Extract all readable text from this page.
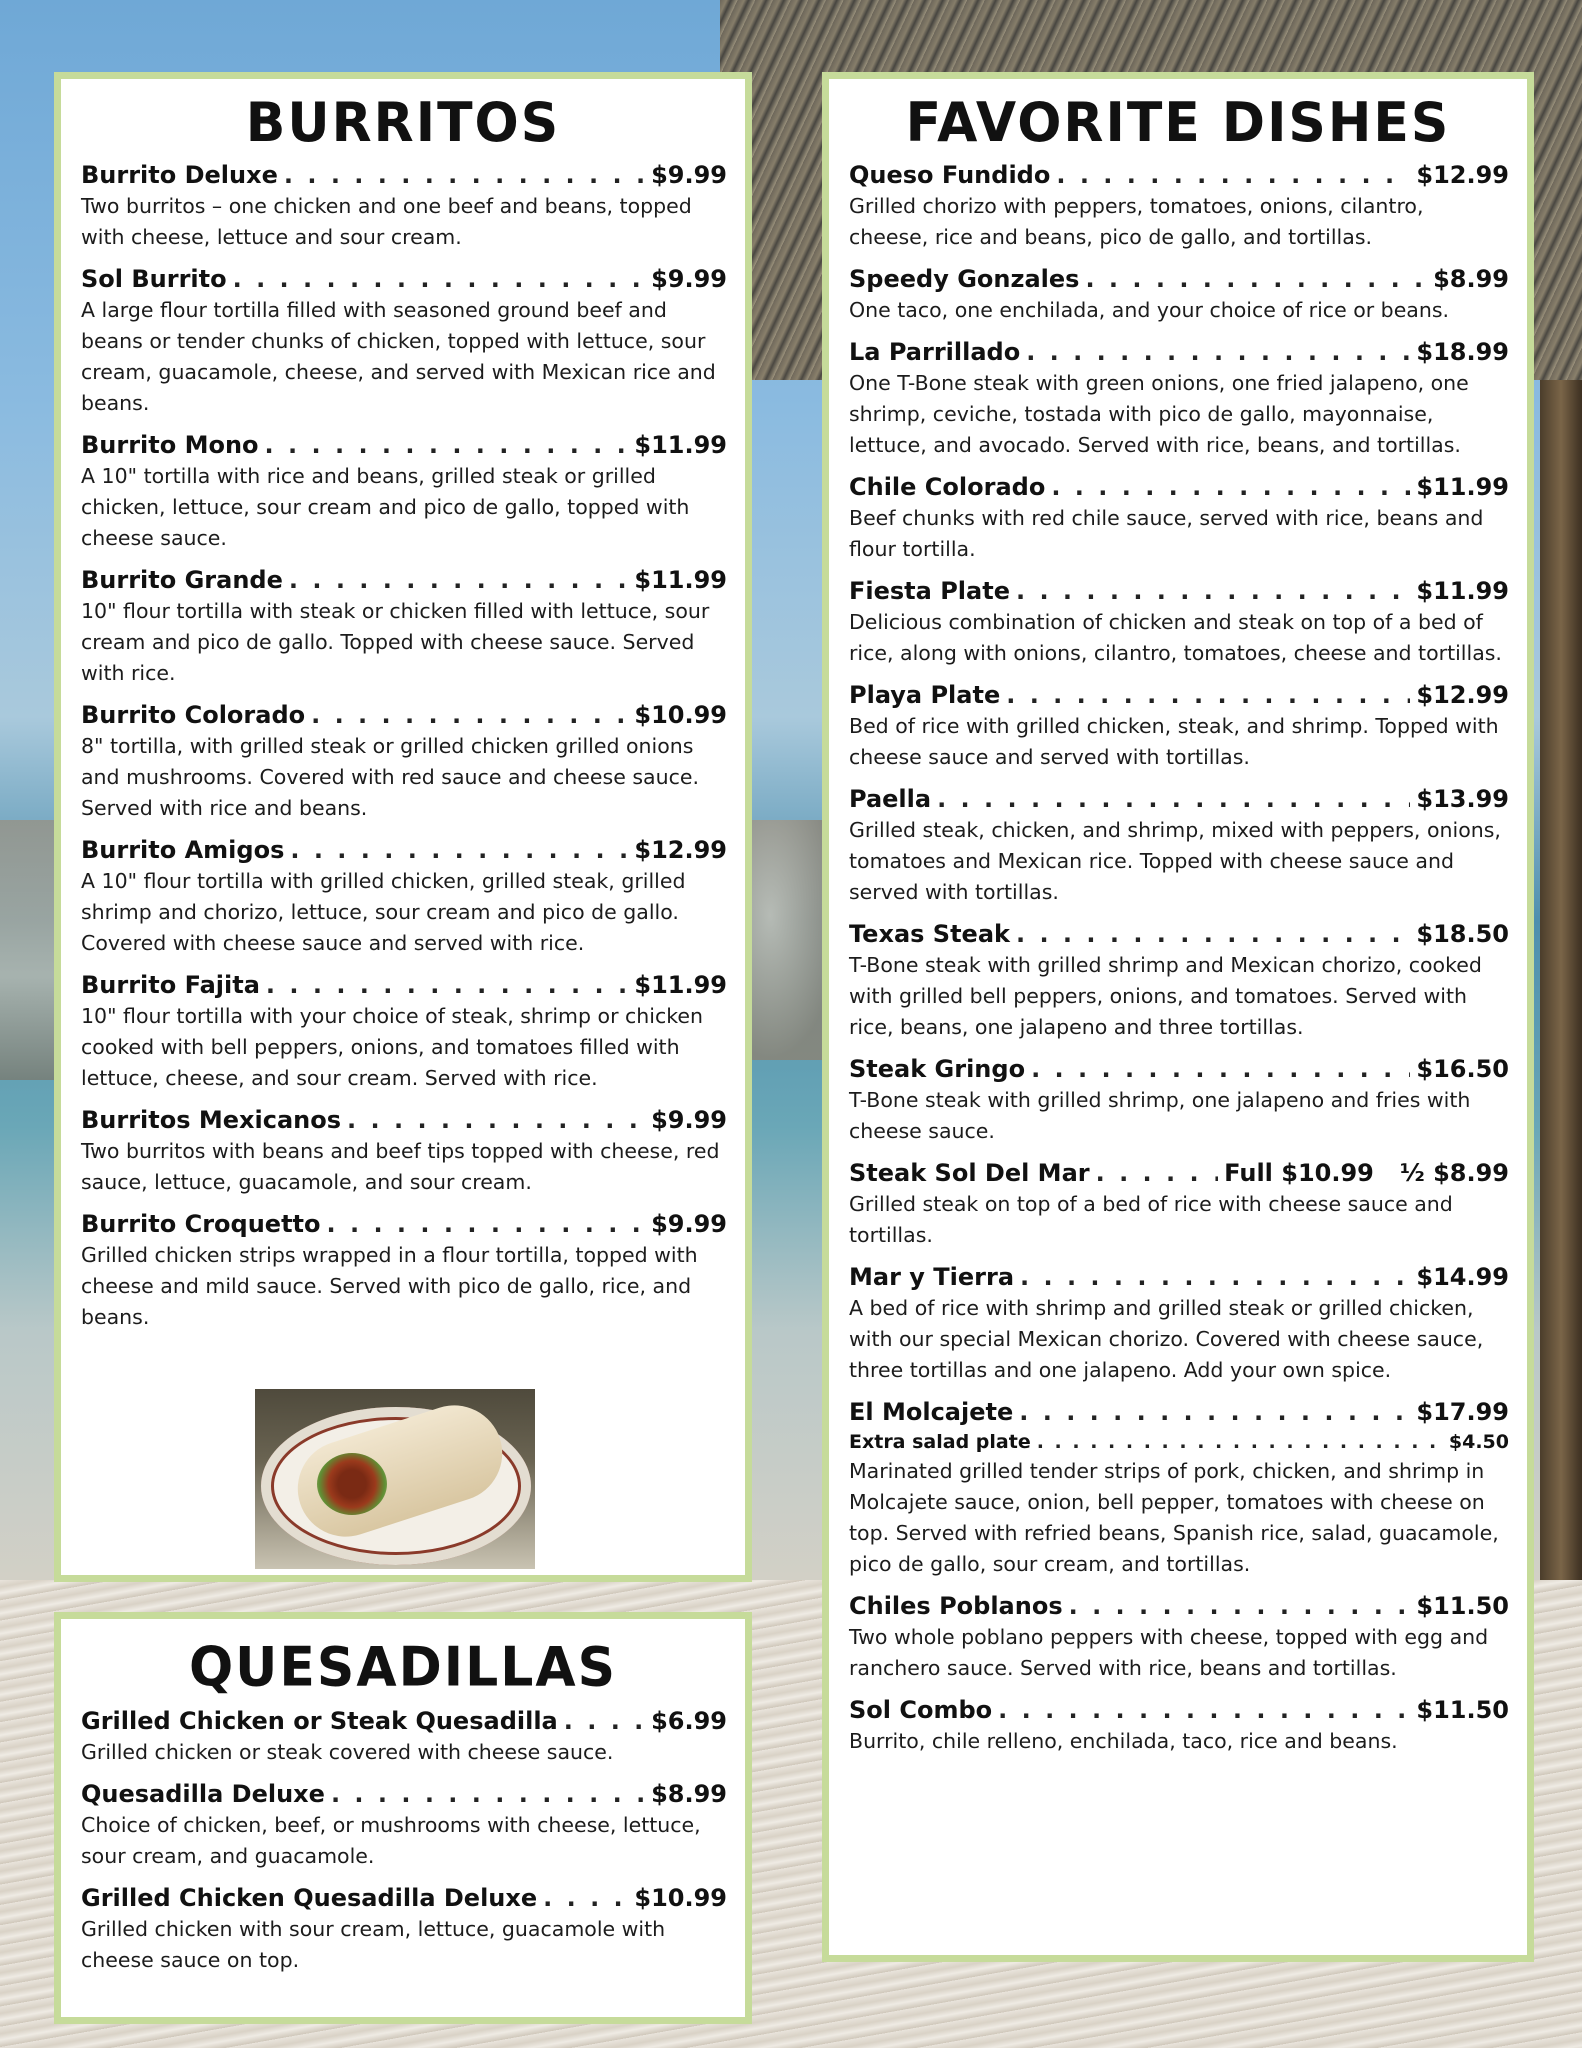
BURRITOS
Burrito Deluxe . . .	$9.99
Two burritos – one chicken and one beef and beans, topped with cheese, lettuce and sour cream.
Sol Burrito . . .	$9.99
A large flour tortilla filled with seasoned ground beef and beans or tender chunks of chicken, topped with lettuce, sour cream, guacamole, cheese, and served with Mexican rice and beans.
Burrito Mono . . .	$11.99
A 10" tortilla with rice and beans, grilled steak or grilled chicken, lettuce, sour cream and pico de gallo, topped with cheese sauce.
Burrito Grande . . .	$11.99
10" flour tortilla with steak or chicken filled with lettuce, sour cream and pico de gallo. Topped with cheese sauce. Served with rice.
Burrito Colorado . . .	$10.99
8" tortilla, with grilled steak or grilled chicken grilled onions and mushrooms. Covered with red sauce and cheese sauce. Served with rice and beans.
Burrito Amigos . . .	$12.99
A 10" flour tortilla with grilled chicken, grilled steak, grilled shrimp and chorizo, lettuce, sour cream and pico de gallo. Covered with cheese sauce and served with rice.
Burrito Fajita . . .	$11.99
10" flour tortilla with your choice of steak, shrimp or chicken cooked with bell peppers, onions, and tomatoes filled with lettuce, cheese, and sour cream. Served with rice.
Burritos Mexicanos . . .	$9.99
Two burritos with beans and beef tips topped with cheese, red sauce, lettuce, guacamole, and sour cream.
Burrito Croquetto . . .	$9.99
Grilled chicken strips wrapped in a flour tortilla, topped with cheese and mild sauce. Served with pico de gallo, rice, and beans.
QUESADILLAS
Grilled Chicken or Steak Quesadilla . . .	$6.99
Grilled chicken or steak covered with cheese sauce.
Quesadilla Deluxe . . .	$8.99
Choice of chicken, beef, or mushrooms with cheese, lettuce, sour cream, and guacamole.
Grilled Chicken Quesadilla Deluxe . . .	$10.99
Grilled chicken with sour cream, lettuce, guacamole with cheese sauce on top.
FAVORITE DISHES
Queso Fundido . . .	$12.99
Grilled chorizo with peppers, tomatoes, onions, cilantro, cheese, rice and beans, pico de gallo, and tortillas.
Speedy Gonzales . . .	$8.99
One taco, one enchilada, and your choice of rice or beans.
La Parrillado . . .	$18.99
One T-Bone steak with green onions, one fried jalapeno, one shrimp, ceviche, tostada with pico de gallo, mayonnaise, lettuce, and avocado. Served with rice, beans, and tortillas.
Chile Colorado . . .	$11.99
Beef chunks with red chile sauce, served with rice, beans and flour tortilla.
Fiesta Plate . . .	$11.99
Delicious combination of chicken and steak on top of a bed of rice, along with onions, cilantro, tomatoes, cheese and tortillas.
Playa Plate . . .	$12.99
Bed of rice with grilled chicken, steak, and shrimp. Topped with cheese sauce and served with tortillas.
Paella . . .	$13.99
Grilled steak, chicken, and shrimp, mixed with peppers, onions, tomatoes and Mexican rice. Topped with cheese sauce and served with tortillas.
Texas Steak . . .	$18.50
T-Bone steak with grilled shrimp and Mexican chorizo, cooked with grilled bell peppers, onions, and tomatoes. Served with rice, beans, one jalapeno and three tortillas.
Steak Gringo . . .	$16.50
T-Bone steak with grilled shrimp, one jalapeno and fries with cheese sauce.
Steak Sol Del Mar . . .	Full $10.99 ½ $8.99
Grilled steak on top of a bed of rice with cheese sauce and tortillas.
Mar y Tierra . . .	$14.99
A bed of rice with shrimp and grilled steak or grilled chicken, with our special Mexican chorizo. Covered with cheese sauce, three tortillas and one jalapeno. Add your own spice.
El Molcajete . . .	$17.99
Extra salad plate . . .	$4.50
Marinated grilled tender strips of pork, chicken, and shrimp in Molcajete sauce, onion, bell pepper, tomatoes with cheese on top. Served with refried beans, Spanish rice, salad, guacamole, pico de gallo, sour cream, and tortillas.
Chiles Poblanos . . .	$11.50
Two whole poblano peppers with cheese, topped with egg and ranchero sauce. Served with rice, beans and tortillas.
Sol Combo . . .	$11.50
Burrito, chile relleno, enchilada, taco, rice and beans.
